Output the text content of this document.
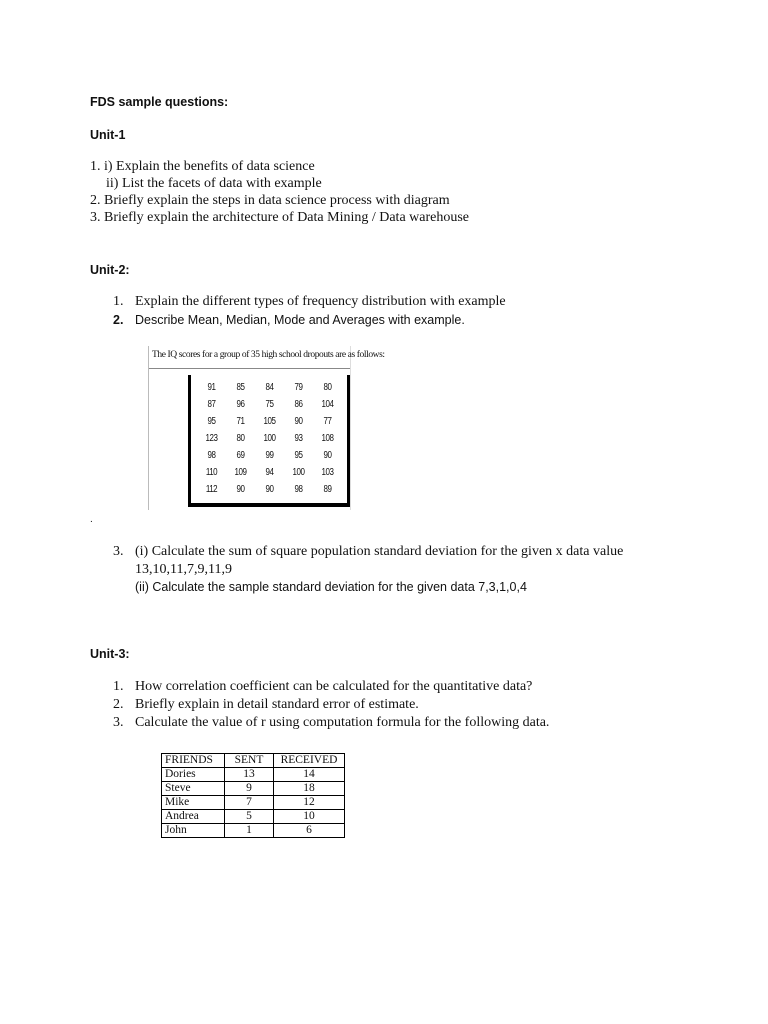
FDS sample questions:
Unit-1
1. i) Explain the benefits of data science
ii) List the facets of data with example
2. Briefly explain the steps in data science process with diagram
3. Briefly explain the architecture of Data Mining / Data warehouse
Unit-2:
1. Explain the different types of frequency distribution with example
2. Describe Mean, Median, Mode and Averages with example.
The IQ scores for a group of 35 high school dropouts are as follows:
91	85	84	79	80
87	96	75	86	104
95	71	105	90	77
123	80	100	93	108
98	69	99	95	90
110	109	94	100	103
112	90	90	98	89
.
3. (i) Calculate the sum of square population standard deviation for the given x data value
13,10,11,7,9,11,9
(ii) Calculate the sample standard deviation for the given data 7,3,1,0,4
Unit-3:
1. How correlation coefficient can be calculated for the quantitative data?
2. Briefly explain in detail standard error of estimate.
3. Calculate the value of r using computation formula for the following data.
FRIENDS	SENT	RECEIVED
Dories	13	14
Steve	9	18
Mike	7	12
Andrea	5	10
John	1	6
